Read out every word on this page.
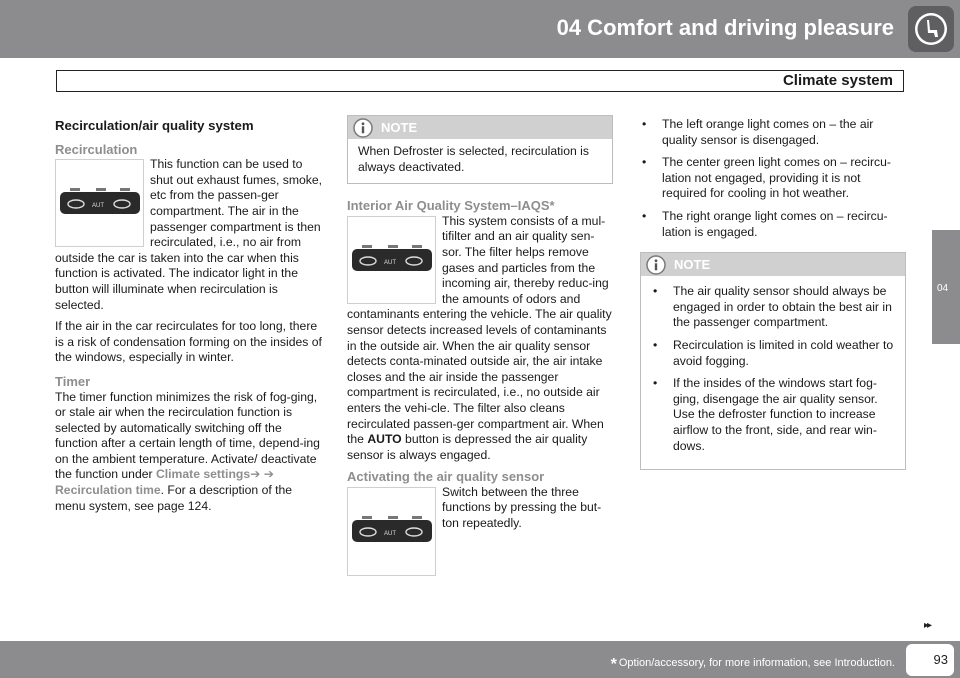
04 Comfort and driving pleasure
Climate system
04
Recirculation/air quality system
Recirculation
AUT

This function can be used to shut out exhaust fumes, smoke, etc from the passen-ger compartment. The air in the passenger compartment is then recirculated, i.e., no air from outside the car is taken into the car when this function is activated. The indicator light in the button will illuminate when recirculation is selected.

If the air in the car recirculates for too long, there is a risk of condensation forming on the insides of the windows, especially in winter.

Timer

The timer function minimizes the risk of fog-ging, or stale air when the recirculation function is selected by automatically switching off the function after a certain length of time, depend-ing on the ambient temperature. Activate/ deactivate the function under Climate settings➔ ➔ Recirculation time. For a description of the menu system, see page 124.

NOTE
When Defroster is selected, recirculation is always deactivated.
Interior Air Quality System–IAQS*
AUT

This system consists of a mul-tifilter and an air quality sen-sor. The filter helps remove gases and particles from the incoming air, thereby reduc-ing the amounts of odors and contaminants entering the vehicle. The air quality sensor detects increased levels of contaminants in the outside air. When the air quality sensor detects conta-minated outside air, the air intake closes and the air inside the passenger compartment is recirculated, i.e., no outside air enters the vehi-cle. The filter also cleans recirculated passen-ger compartment air. When the AUTO button is depressed the air quality sensor is always engaged.

Activating the air quality sensor
AUT

Switch between the three functions by pressing the but-ton repeatedly.

• The left orange light comes on – the air quality sensor is disengaged.
• The center green light comes on – recircu-lation not engaged, providing it is not required for cooling in hot weather.
• The right orange light comes on – recircu-lation is engaged.
NOTE
• The air quality sensor should always be engaged in order to obtain the best air in the passenger compartment.
• Recirculation is limited in cold weather to avoid fogging.
• If the insides of the windows start fog-ging, disengage the air quality sensor. Use the defroster function to increase airflow to the front, side, and rear win-dows.
▸▸
* Option/accessory, for more information, see Introduction.	93
